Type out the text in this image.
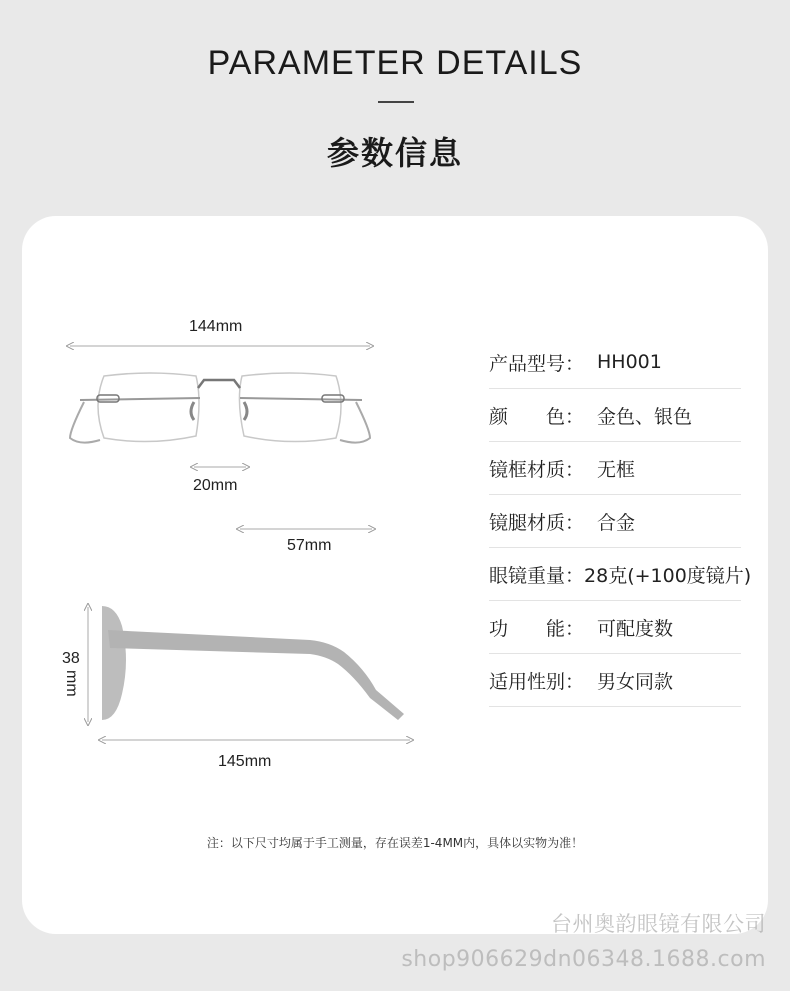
PARAMETER DETAILS
参数信息
144mm
20mm
57mm
38
mm
145mm
产品型号： HH001
颜　　色： 金色、银色
镜框材质： 无框
镜腿材质： 合金
眼镜重量： 28克(+100度镜片)
功　　能： 可配度数
适用性别： 男女同款
注：以下尺寸均属于手工测量，存在误差1-4MM内，具体以实物为准！
台州奥韵眼镜有限公司
shop906629dn06348.1688.com
